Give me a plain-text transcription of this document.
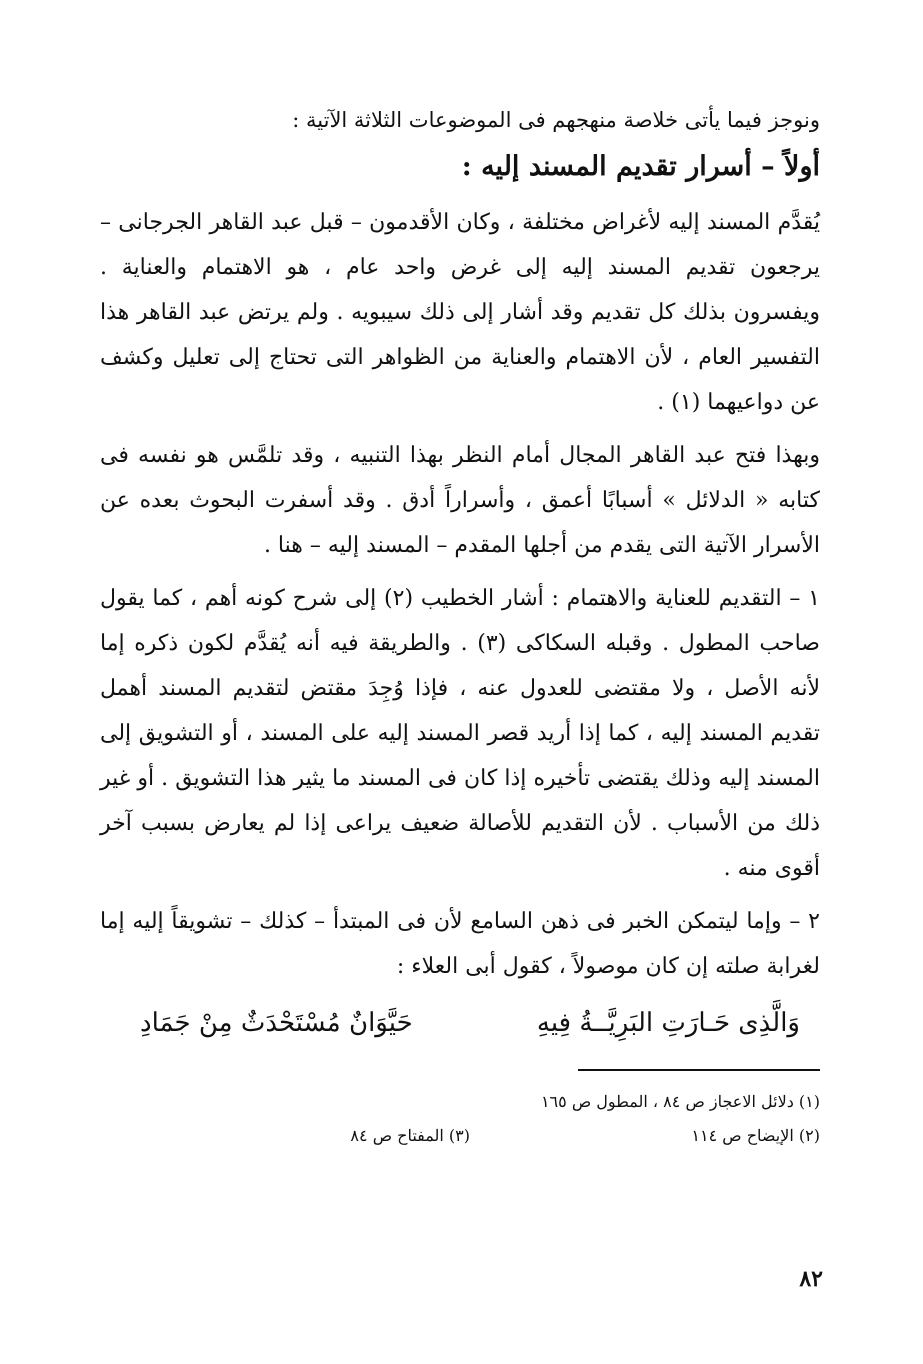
ونوجز فيما يأتى خلاصة منهجهم فى الموضوعات الثلاثة الآتية :

أولاً – أسرار تقديم المسند إليه :

يُقدَّم المسند إليه لأغراض مختلفة ، وكان الأقدمون – قبل عبد القاهر الجرجانى – يرجعون تقديم المسند إليه إلى غرض واحد عام ، هو الاهتمام والعناية . ويفسرون بذلك كل تقديم وقد أشار إلى ذلك سيبويه . ولم يرتض عبد القاهر هذا التفسير العام ، لأن الاهتمام والعناية من الظواهر التى تحتاج إلى تعليل وكشف عن دواعيهما (١) .

وبهذا فتح عبد القاهر المجال أمام النظر بهذا التنبيه ، وقد تلمَّس هو نفسه فى كتابه « الدلائل » أسبابًا أعمق ، وأسراراً أدق . وقد أسفرت البحوث بعده عن الأسرار الآتية التى يقدم من أجلها المقدم – المسند إليه – هنا .

١ – التقديم للعناية والاهتمام : أشار الخطيب (٢) إلى شرح كونه أهم ، كما يقول صاحب المطول . وقبله السكاكى (٣) . والطريقة فيه أنه يُقدَّم لكون ذكره إما لأنه الأصل ، ولا مقتضى للعدول عنه ، فإذا وُجِدَ مقتض لتقديم المسند أهمل تقديم المسند إليه ، كما إذا أريد قصر المسند إليه على المسند ، أو التشويق إلى المسند إليه وذلك يقتضى تأخيره إذا كان فى المسند ما يثير هذا التشويق . أو غير ذلك من الأسباب . لأن التقديم للأصالة ضعيف يراعى إذا لم يعارض بسبب آخر أقوى منه .

٢ – وإما ليتمكن الخبر فى ذهن السامع لأن فى المبتدأ – كذلك – تشويقاً إليه إما لغرابة صلته إن كان موصولاً ، كقول أبى العلاء :

وَالَّذِى حَـارَتِ البَرِيَّــةُ فِيهِ
حَيَّوَانٌ مُسْتَحْدَثٌ مِنْ جَمَادِ
(١) دلائل الاعجاز ص ٨٤ ، المطول ص ١٦٥
(٢) الإيضاح ص ١١٤
(٣) المفتاح ص ٨٤
٨٢
